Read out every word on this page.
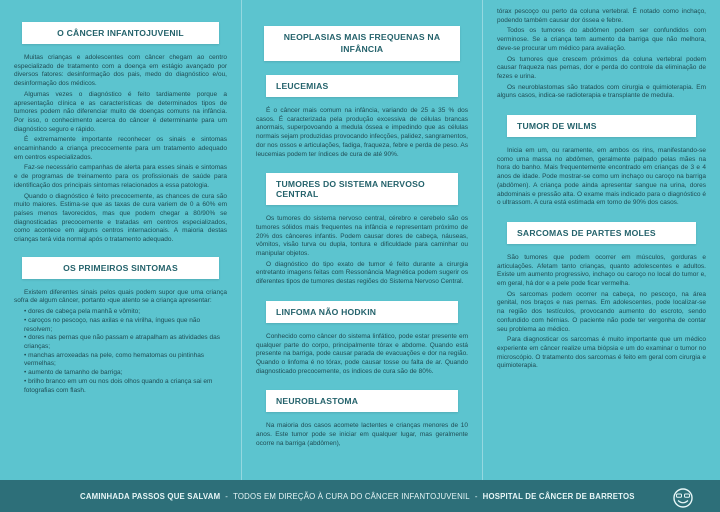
O CÂNCER INFANTOJUVENIL

Muitas crianças e adolescentes com câncer chegam ao centro especializado de tratamento com a doença em estágio avançado por diversos fatores: desinformação dos pais, medo do diagnóstico e/ou, desinformação dos médicos.

Algumas vezes o diagnóstico é feito tardiamente porque a apresentação clínica e as características de determinados tipos de tumores podem não diferenciar muito de doenças comuns na infância. Por isso, o conhecimento acerca do câncer é determinante para um diagnóstico seguro e rápido.

É extremamente importante reconhecer os sinais e sintomas encaminhando a criança precocemente para um tratamento adequado em centros especializados.

Faz-se necessário campanhas de alerta para esses sinais e sintomas e de programas de treinamento para os profissionais de saúde para identificação dos principais sintomas relacionados a essa patologia.

Quando o diagnóstico é feito precocemente, as chances de cura são muito maiores. Estima-se que as taxas de cura variem de 0 a 60% em países menos favorecidos, mas que podem chegar a 80/90% se diagnosticadas precocemente e tratadas em centros especializados, como acontece em alguns centros internacionais. A maioria destas crianças terá vida normal após o tratamento adequado.

OS PRIMEIROS SINTOMAS

Existem diferentes sinais pelos quais podem supor que uma criança sofra de algum câncer, portanto ›que atento se a criança apresentar:

• dores de cabeça pela manhã e vômito;
• caroços no pescoço, nas axilas e na virilha, íngues que não resolvem;
• dores nas pernas que não passam e atrapalham as atividades das crianças;
• manchas arroxeadas na pele, como hematomas ou pintinhas vermelhas;
• aumento de tamanho de barriga;
• brilho branco em um ou nos dois olhos quando a criança sai em fotografias com flash.
NEOPLASIAS MAIS FREQUENAS NA INFÂNCIA
LEUCEMIAS

É o câncer mais comum na infância, variando de 25 a 35 % dos casos. É caracterizada pela produção excessiva de células brancas anormais, superpovoando a medula óssea e impedindo que as células normais sejam produzidas provocando infecções, palidez, sangramentos, dor nos ossos e articulações, fadiga, fraqueza, febre e perda de peso. As leucemias podem ter índices de cura de até 90%.

TUMORES DO SISTEMA NERVOSO CENTRAL

Os tumores do sistema nervoso central, cérebro e cerebelo são os tumores sólidos mais frequentes na infância e representam próximo de 20% dos cânceres infantis. Podem causar dores de cabeça, náuseas, vômitos, visão turva ou dupla, tontura e dificuldade para caminhar ou manipular objetos.

O diagnóstico do tipo exato de tumor é feito durante a cirurgia entretanto imagens feitas com Ressonância Magnética podem sugerir os diferentes tipos de tumores destas regiões do Sistema Nervoso Central.

LINFOMA NÃO HODKIN

Conhecido como câncer do sistema linfático, pode estar presente em qualquer parte do corpo, principalmente tórax e abdome. Quando está presente na barriga, pode causar parada de evacuações e dor na região. Quando o linfoma é no tórax, pode causar tosse ou falta de ar. Quando diagnosticado precocemente, os índices de cura são de 80%.

NEUROBLASTOMA

Na maioria dos casos acomete lactentes e crianças menores de 10 anos. Este tumor pode se iniciar em qualquer lugar, mas geralmente ocorre na barriga (abdômen),

tórax pescoço ou perto da coluna vertebral. É notado como inchaço, podendo também causar dor óssea e febre.

Todos os tumores do abdômen podem ser confundidos com verminose. Se a criança tem aumento da barriga que não melhora, deve-se procurar um médico para avaliação.

Os tumores que crescem próximos da coluna vertebral podem causar fraqueza nas pernas, dor e perda do controle da eliminação de fezes e urina.

Os neuroblastomas são tratados com cirurgia e quimioterapia. Em alguns casos, indica-se radioterapia e transplante de medula.

TUMOR DE WILMS

Inicia em um, ou raramente, em ambos os rins, manifestando-se como uma massa no abdômen, geralmente palpado pelas mães na hora do banho. Mais frequentemente encontrado em crianças de 3 e 4 anos de idade. Pode mostrar-se como um inchaço ou caroço na barriga (abdômen). A criança pode ainda apresentar sangue na urina, dores abdominais e pressão alta. O exame mais indicado para o diagnóstico é o ultrassom. A cura está estimada em torno de 90% dos casos.

SARCOMAS DE PARTES MOLES

São tumores que podem ocorrer em músculos, gorduras e articulações. Afetam tanto crianças, quanto adolescentes e adultos. Existe um aumento progressivo, inchaço ou caroço no local do tumor e, em geral, há dor e a pele pode ficar vermelha.

Os sarcomas podem ocorrer na cabeça, no pescoço, na área genital, nos braços e nas pernas. Em adolescentes, pode localizar-se na região dos testículos, provocando aumento do escroto, sendo confundido com hérnias. O paciente não pode ter vergonha de contar seu problema ao médico.

Para diagnosticar os sarcomas é muito importante que um médico experiente em câncer realize uma biópsia e um do examinar o tumor no microscópio. O tratamento dos sarcomas é feito em geral com cirurgia e quimioterapia.

CAMINHADA PASSOS QUE SALVAM - TODOS EM DIREÇÃO À CURA DO CÂNCER INFANTOJUVENIL - HOSPITAL DE CÂNCER DE BARRETOS
